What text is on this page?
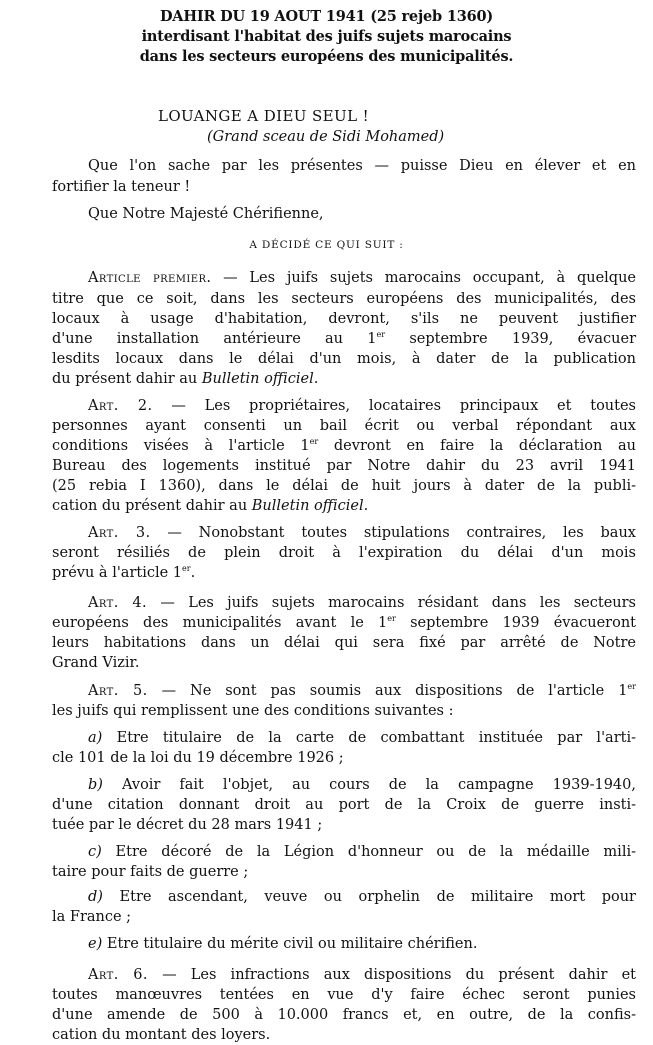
DAHIR DU 19 AOUT 1941 (25 rejeb 1360)
interdisant l'habitat des juifs sujets marocains
dans les secteurs européens des municipalités.
LOUANGE A DIEU SEUL !
(Grand sceau de Sidi Mohamed)
Que l'on sache par les présentes — puisse Dieu en élever et en
fortifier la teneur !
Que Notre Majesté Chérifienne,
A DÉCIDÉ CE QUI SUIT :
Article premier. — Les juifs sujets marocains occupant, à quelque
titre que ce soit, dans les secteurs européens des municipalités, des
locaux à usage d'habitation, devront, s'ils ne peuvent justifier
d'une installation antérieure au 1er septembre 1939, évacuer
lesdits locaux dans le délai d'un mois, à dater de la publication
du présent dahir au Bulletin officiel.
Art. 2. — Les propriétaires, locataires principaux et toutes
personnes ayant consenti un bail écrit ou verbal répondant aux
conditions visées à l'article 1er devront en faire la déclaration au
Bureau des logements institué par Notre dahir du 23 avril 1941
(25 rebia I 1360), dans le délai de huit jours à dater de la publi-
cation du présent dahir au Bulletin officiel.
Art. 3. — Nonobstant toutes stipulations contraires, les baux
seront résiliés de plein droit à l'expiration du délai d'un mois
prévu à l'article 1er.
Art. 4. — Les juifs sujets marocains résidant dans les secteurs
européens des municipalités avant le 1er septembre 1939 évacueront
leurs habitations dans un délai qui sera fixé par arrêté de Notre
Grand Vizir.
Art. 5. — Ne sont pas soumis aux dispositions de l'article 1er
les juifs qui remplissent une des conditions suivantes :
a) Etre titulaire de la carte de combattant instituée par l'arti-
cle 101 de la loi du 19 décembre 1926 ;
b) Avoir fait l'objet, au cours de la campagne 1939-1940,
d'une citation donnant droit au port de la Croix de guerre insti-
tuée par le décret du 28 mars 1941 ;
c) Etre décoré de la Légion d'honneur ou de la médaille mili-
taire pour faits de guerre ;
d) Etre ascendant, veuve ou orphelin de militaire mort pour
la France ;
e) Etre titulaire du mérite civil ou militaire chérifien.
Art. 6. — Les infractions aux dispositions du présent dahir et
toutes manœuvres tentées en vue d'y faire échec seront punies
d'une amende de 500 à 10.000 francs et, en outre, de la confis-
cation du montant des loyers.
